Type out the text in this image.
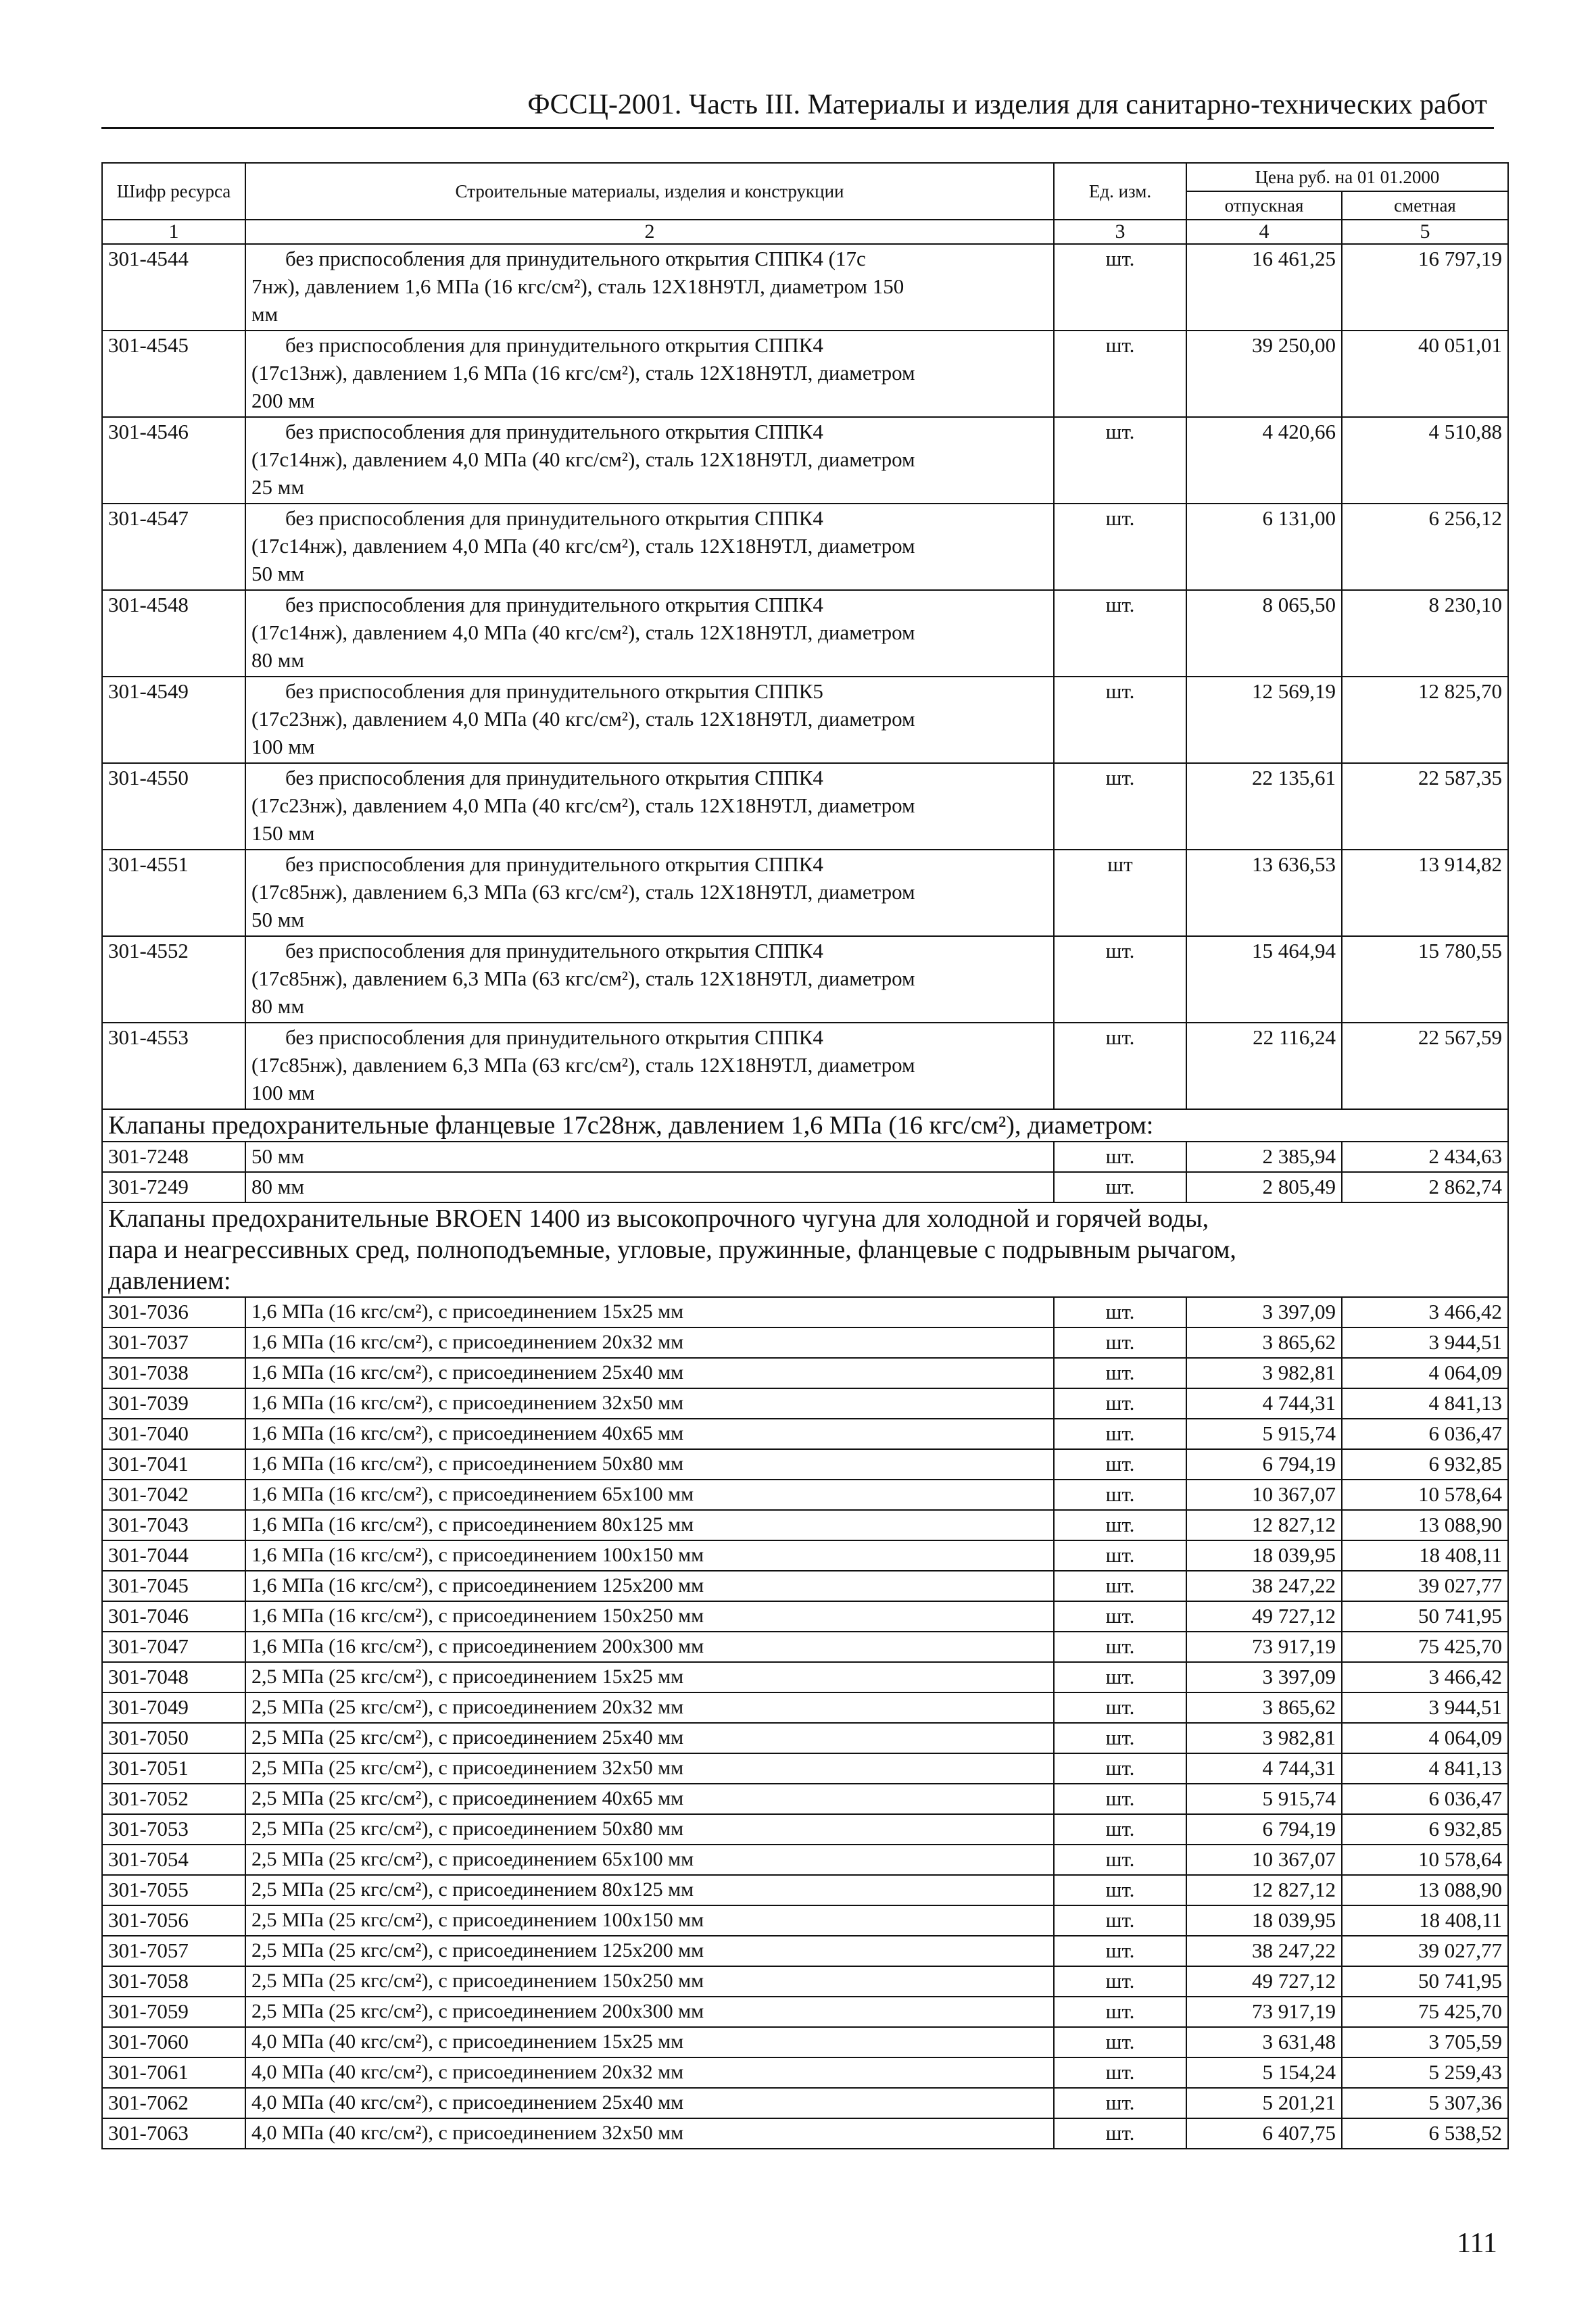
ФССЦ-2001. Часть III. Материалы и изделия для санитарно-технических работ
Шифр ресурса	Строительные материалы, изделия и конструкции	Ед. изм.	Цена руб. на 01 01.2000	
			отпускная	сметная
1	2	3	4	5
301-4544	без приспособления для принудительного открытия СППК4 (17с
7нж), давлением 1,6 МПа (16 кгс/см²), сталь 12Х18Н9ТЛ, диаметром 150
мм	шт.	16 461,25	16 797,19
301-4545	без приспособления для принудительного открытия СППК4
(17с13нж), давлением 1,6 МПа (16 кгс/см²), сталь 12Х18Н9ТЛ, диаметром
200 мм	шт.	39 250,00	40 051,01
301-4546	без приспособления для принудительного открытия СППК4
(17с14нж), давлением 4,0 МПа (40 кгс/см²), сталь 12Х18Н9ТЛ, диаметром
25 мм	шт.	4 420,66	4 510,88
301-4547	без приспособления для принудительного открытия СППК4
(17с14нж), давлением 4,0 МПа (40 кгс/см²), сталь 12Х18Н9ТЛ, диаметром
50 мм	шт.	6 131,00	6 256,12
301-4548	без приспособления для принудительного открытия СППК4
(17с14нж), давлением 4,0 МПа (40 кгс/см²), сталь 12Х18Н9ТЛ, диаметром
80 мм	шт.	8 065,50	8 230,10
301-4549	без приспособления для принудительного открытия СППК5
(17с23нж), давлением 4,0 МПа (40 кгс/см²), сталь 12Х18Н9ТЛ, диаметром
100 мм	шт.	12 569,19	12 825,70
301-4550	без приспособления для принудительного открытия СППК4
(17с23нж), давлением 4,0 МПа (40 кгс/см²), сталь 12Х18Н9ТЛ, диаметром
150 мм	шт.	22 135,61	22 587,35
301-4551	без приспособления для принудительного открытия СППК4
(17с85нж), давлением 6,3 МПа (63 кгс/см²), сталь 12Х18Н9ТЛ, диаметром
50 мм	шт	13 636,53	13 914,82
301-4552	без приспособления для принудительного открытия СППК4
(17с85нж), давлением 6,3 МПа (63 кгс/см²), сталь 12Х18Н9ТЛ, диаметром
80 мм	шт.	15 464,94	15 780,55
301-4553	без приспособления для принудительного открытия СППК4
(17с85нж), давлением 6,3 МПа (63 кгс/см²), сталь 12Х18Н9ТЛ, диаметром
100 мм	шт.	22 116,24	22 567,59
Клапаны предохранительные фланцевые 17с28нж, давлением 1,6 МПа (16 кгс/см²), диаметром:				
301-7248	50 мм	шт.	2 385,94	2 434,63
301-7249	80 мм	шт.	2 805,49	2 862,74

Клапаны предохранительные BROEN 1400 из высокопрочного чугуна для холодной и горячей воды,
пара и неагрессивных сред, полноподъемные, угловые, пружинные, фланцевые с подрывным рычагом,
давлением:				

301-7036	1,6 МПа (16 кгс/см²), с присоединением 15x25 мм	шт.	3 397,09	3 466,42
301-7037	1,6 МПа (16 кгс/см²), с присоединением 20x32 мм	шт.	3 865,62	3 944,51
301-7038	1,6 МПа (16 кгс/см²), с присоединением 25x40 мм	шт.	3 982,81	4 064,09
301-7039	1,6 МПа (16 кгс/см²), с присоединением 32x50 мм	шт.	4 744,31	4 841,13
301-7040	1,6 МПа (16 кгс/см²), с присоединением 40x65 мм	шт.	5 915,74	6 036,47
301-7041	1,6 МПа (16 кгс/см²), с присоединением 50x80 мм	шт.	6 794,19	6 932,85
301-7042	1,6 МПа (16 кгс/см²), с присоединением 65x100 мм	шт.	10 367,07	10 578,64
301-7043	1,6 МПа (16 кгс/см²), с присоединением 80x125 мм	шт.	12 827,12	13 088,90
301-7044	1,6 МПа (16 кгс/см²), с присоединением 100x150 мм	шт.	18 039,95	18 408,11
301-7045	1,6 МПа (16 кгс/см²), с присоединением 125x200 мм	шт.	38 247,22	39 027,77
301-7046	1,6 МПа (16 кгс/см²), с присоединением 150x250 мм	шт.	49 727,12	50 741,95
301-7047	1,6 МПа (16 кгс/см²), с присоединением 200x300 мм	шт.	73 917,19	75 425,70
301-7048	2,5 МПа (25 кгс/см²), с присоединением 15x25 мм	шт.	3 397,09	3 466,42
301-7049	2,5 МПа (25 кгс/см²), с присоединением 20x32 мм	шт.	3 865,62	3 944,51
301-7050	2,5 МПа (25 кгс/см²), с присоединением 25x40 мм	шт.	3 982,81	4 064,09
301-7051	2,5 МПа (25 кгс/см²), с присоединением 32x50 мм	шт.	4 744,31	4 841,13
301-7052	2,5 МПа (25 кгс/см²), с присоединением 40x65 мм	шт.	5 915,74	6 036,47
301-7053	2,5 МПа (25 кгс/см²), с присоединением 50x80 мм	шт.	6 794,19	6 932,85
301-7054	2,5 МПа (25 кгс/см²), с присоединением 65x100 мм	шт.	10 367,07	10 578,64
301-7055	2,5 МПа (25 кгс/см²), с присоединением 80x125 мм	шт.	12 827,12	13 088,90
301-7056	2,5 МПа (25 кгс/см²), с присоединением 100x150 мм	шт.	18 039,95	18 408,11
301-7057	2,5 МПа (25 кгс/см²), с присоединением 125x200 мм	шт.	38 247,22	39 027,77
301-7058	2,5 МПа (25 кгс/см²), с присоединением 150x250 мм	шт.	49 727,12	50 741,95
301-7059	2,5 МПа (25 кгс/см²), с присоединением 200x300 мм	шт.	73 917,19	75 425,70
301-7060	4,0 МПа (40 кгс/см²), с присоединением 15x25 мм	шт.	3 631,48	3 705,59
301-7061	4,0 МПа (40 кгс/см²), с присоединением 20x32 мм	шт.	5 154,24	5 259,43
301-7062	4,0 МПа (40 кгс/см²), с присоединением 25x40 мм	шт.	5 201,21	5 307,36
301-7063	4,0 МПа (40 кгс/см²), с присоединением 32x50 мм	шт.	6 407,75	6 538,52
111
